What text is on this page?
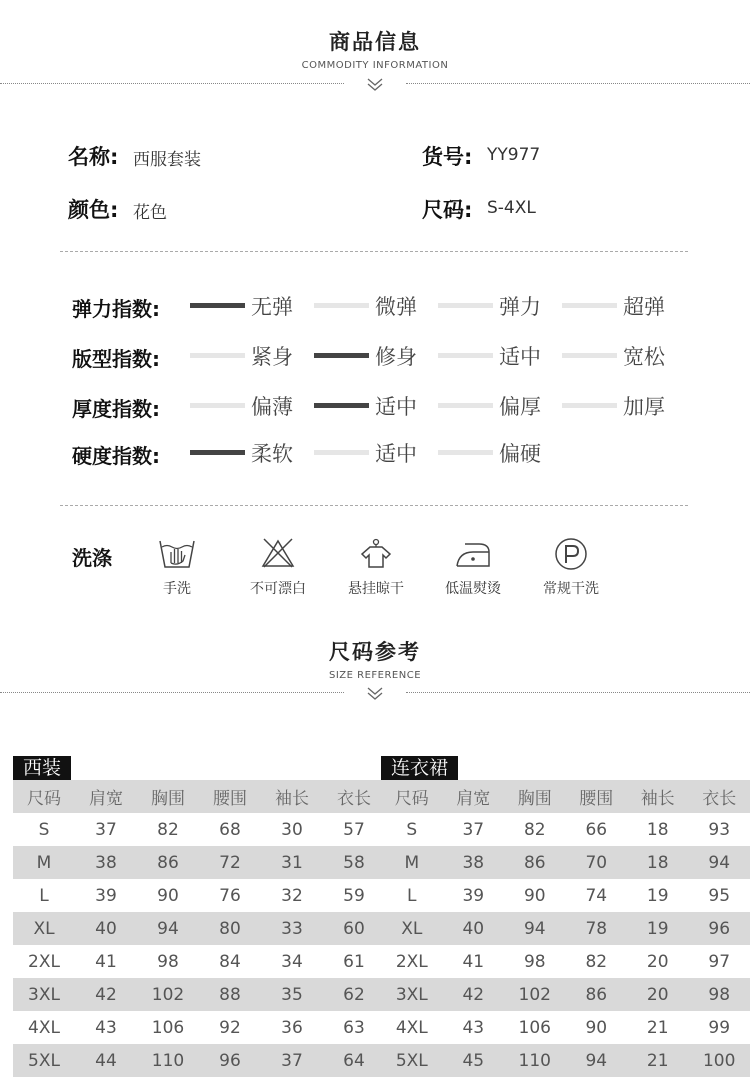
商品信息
COMMODITY INFORMATION
名称: 西服套装	货号: YY977
颜色: 花色	尺码: S-4XL
弹力指数:	无弹	微弹	弹力	超弹
版型指数:	紧身	修身	适中	宽松
厚度指数:	偏薄	适中	偏厚	加厚
硬度指数:	柔软	适中	偏硬
洗涤
手洗	不可漂白	悬挂晾干	低温熨烫	常规干洗
尺码参考
SIZE REFERENCE
西装
尺码	肩宽	胸围	腰围	袖长	衣长
S	37	82	68	30	57
M	38	86	72	31	58
L	39	90	76	32	59
XL	40	94	80	33	60
2XL	41	98	84	34	61
3XL	42	102	88	35	62
4XL	43	106	92	36	63
5XL	44	110	96	37	64
连衣裙
尺码	肩宽	胸围	腰围	袖长	衣长
S	37	82	66	18	93
M	38	86	70	18	94
L	39	90	74	19	95
XL	40	94	78	19	96
2XL	41	98	82	20	97
3XL	42	102	86	20	98
4XL	43	106	90	21	99
5XL	45	110	94	21	100
